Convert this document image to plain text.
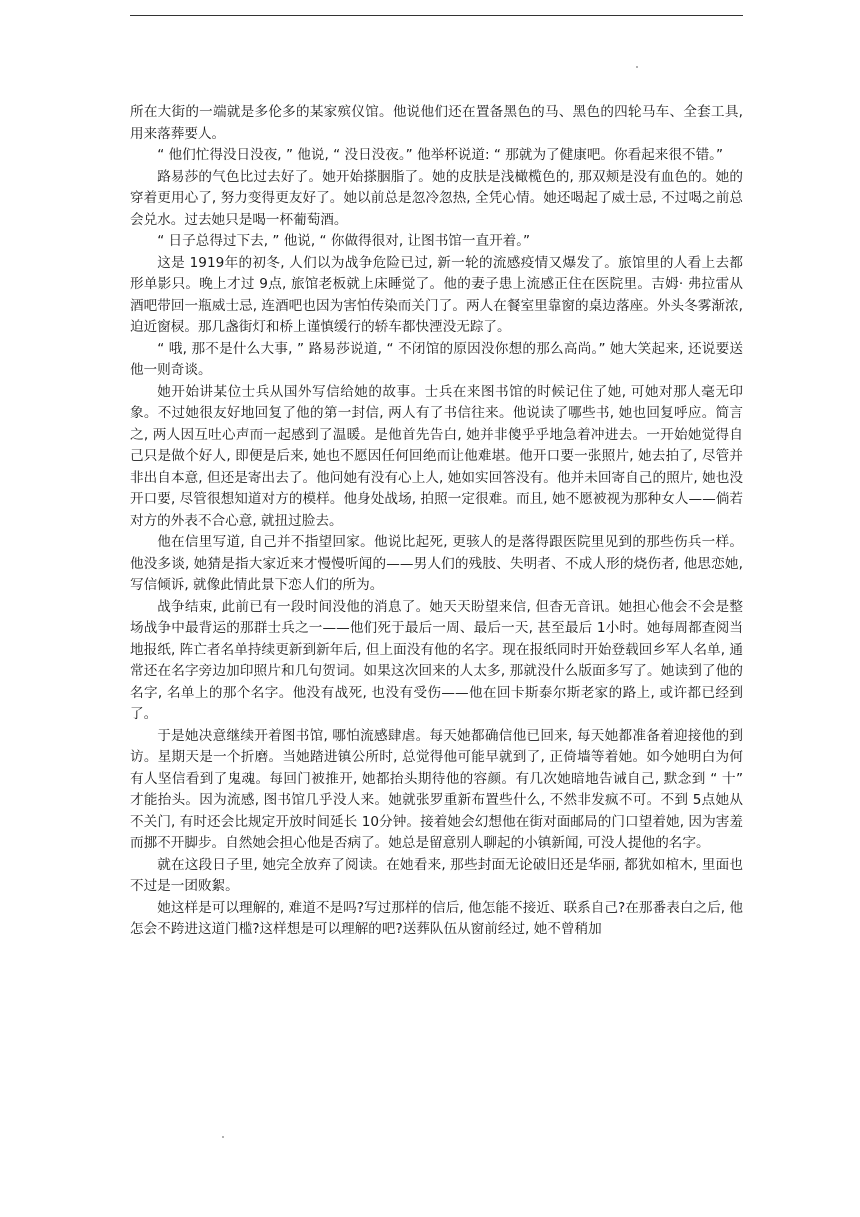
所在大街的一端就是多伦多的某家殡仪馆。他说他们还在置备黑色的马、黑色的四轮马车、全套工具, 用来落葬要人。

“ 他们忙得没日没夜, ” 他说, “ 没日没夜。” 他举杯说道: “ 那就为了健康吧。你看起来很不错。”

路易莎的气色比过去好了。她开始搽胭脂了。她的皮肤是浅橄榄色的, 那双颊是没有血色的。她的穿着更用心了, 努力变得更友好了。她以前总是忽冷忽热, 全凭心情。她还喝起了威士忌, 不过喝之前总会兑水。过去她只是喝一杯葡萄酒。

“ 日子总得过下去, ” 他说, “ 你做得很对, 让图书馆一直开着。”

这是 1919年的初冬, 人们以为战争危险已过, 新一轮的流感疫情又爆发了。旅馆里的人看上去都形单影只。晚上才过 9点, 旅馆老板就上床睡觉了。他的妻子患上流感正住在医院里。吉姆· 弗拉雷从酒吧带回一瓶威士忌, 连酒吧也因为害怕传染而关门了。两人在餐室里靠窗的桌边落座。外头冬雾渐浓, 迫近窗棂。那几盏街灯和桥上谨慎缓行的轿车都快湮没无踪了。

“ 哦, 那不是什么大事, ” 路易莎说道, “ 不闭馆的原因没你想的那么高尚。” 她大笑起来, 还说要送他一则奇谈。

她开始讲某位士兵从国外写信给她的故事。士兵在来图书馆的时候记住了她, 可她对那人毫无印象。不过她很友好地回复了他的第一封信, 两人有了书信往来。他说读了哪些书, 她也回复呼应。简言之, 两人因互吐心声而一起感到了温暖。是他首先告白, 她并非傻乎乎地急着冲进去。一开始她觉得自己只是做个好人, 即便是后来, 她也不愿因任何回绝而让他难堪。他开口要一张照片, 她去拍了, 尽管并非出自本意, 但还是寄出去了。他问她有没有心上人, 她如实回答没有。他并未回寄自己的照片, 她也没开口要, 尽管很想知道对方的模样。他身处战场, 拍照一定很难。而且, 她不愿被视为那种女人——倘若对方的外表不合心意, 就扭过脸去。

他在信里写道, 自己并不指望回家。他说比起死, 更骇人的是落得跟医院里见到的那些伤兵一样。他没多谈, 她猜是指大家近来才慢慢听闻的——男人们的残肢、失明者、不成人形的烧伤者, 他思恋她, 写信倾诉, 就像此情此景下恋人们的所为。

战争结束, 此前已有一段时间没他的消息了。她天天盼望来信, 但杳无音讯。她担心他会不会是整场战争中最背运的那群士兵之一——他们死于最后一周、最后一天, 甚至最后 1小时。她每周都查阅当地报纸, 阵亡者名单持续更新到新年后, 但上面没有他的名字。现在报纸同时开始登载回乡军人名单, 通常还在名字旁边加印照片和几句贺词。如果这次回来的人太多, 那就没什么版面多写了。她读到了他的名字, 名单上的那个名字。他没有战死, 也没有受伤——他在回卡斯泰尔斯老家的路上, 或许都已经到了。

于是她决意继续开着图书馆, 哪怕流感肆虐。每天她都确信他已回来, 每天她都准备着迎接他的到访。星期天是一个折磨。当她踏进镇公所时, 总觉得他可能早就到了, 正倚墙等着她。如今她明白为何有人坚信看到了鬼魂。每回门被推开, 她都抬头期待他的容颜。有几次她暗地告诫自己, 默念到 “ 十” 才能抬头。因为流感, 图书馆几乎没人来。她就张罗重新布置些什么, 不然非发疯不可。不到 5点她从不关门, 有时还会比规定开放时间延长 10分钟。接着她会幻想他在街对面邮局的门口望着她, 因为害羞而挪不开脚步。自然她会担心他是否病了。她总是留意别人聊起的小镇新闻, 可没人提他的名字。

就在这段日子里, 她完全放弃了阅读。在她看来, 那些封面无论破旧还是华丽, 都犹如棺木, 里面也不过是一团败絮。

她这样是可以理解的, 难道不是吗?写过那样的信后, 他怎能不接近、联系自己?在那番表白之后, 他怎会不跨进这道门槛?这样想是可以理解的吧?送葬队伍从窗前经过, 她不曾稍加
